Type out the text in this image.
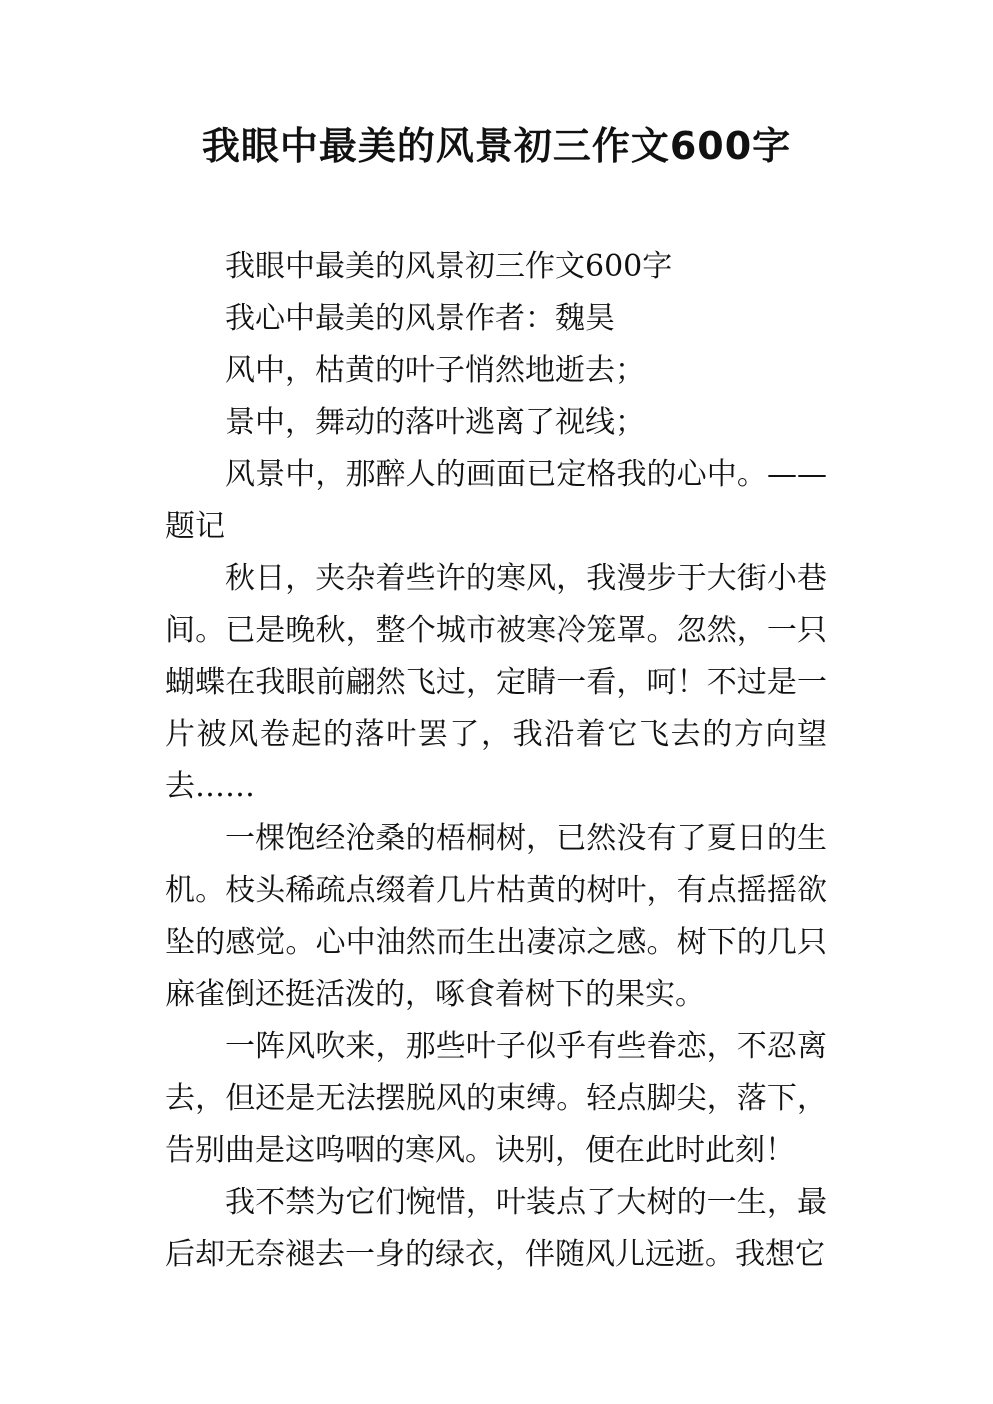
我眼中最美的风景初三作文600字

我眼中最美的风景初三作文600字

我心中最美的风景作者：魏昊

风中，枯黄的叶子悄然地逝去；

景中，舞动的落叶逃离了视线；

风景中，那醉人的画面已定格我的心中。——题记

秋日，夹杂着些许的寒风，我漫步于大街小巷间。已是晚秋，整个城市被寒冷笼罩。忽然，一只蝴蝶在我眼前翩然飞过，定睛一看，呵！不过是一片被风卷起的落叶罢了，我沿着它飞去的方向望去……

一棵饱经沧桑的梧桐树，已然没有了夏日的生机。枝头稀疏点缀着几片枯黄的树叶，有点摇摇欲坠的感觉。心中油然而生出凄凉之感。树下的几只麻雀倒还挺活泼的，啄食着树下的果实。

一阵风吹来，那些叶子似乎有些眷恋，不忍离去，但还是无法摆脱风的束缚。轻点脚尖，落下，告别曲是这呜咽的寒风。诀别，便在此时此刻！

我不禁为它们惋惜，叶装点了大树的一生，最后却无奈褪去一身的绿衣，伴随风儿远逝。我想它
